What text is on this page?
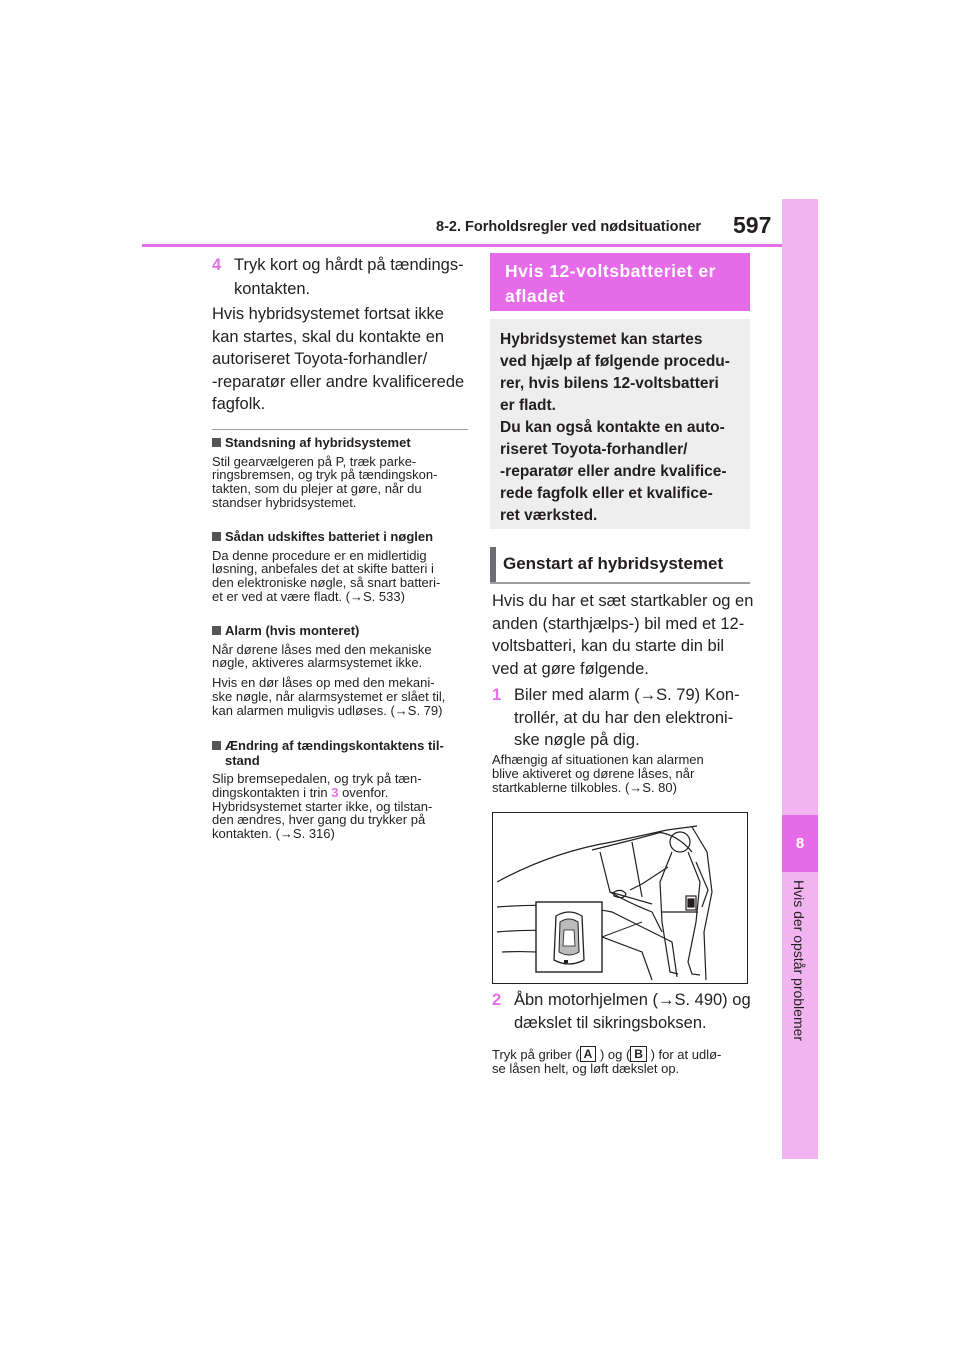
8-2. Forholdsregler ved nødsituationer 597
8
Hvis der opstår problemer
4 Tryk kort og hårdt på tændings-
kontakten.
Hvis hybridsystemet fortsat ikke
kan startes, skal du kontakte en
autoriseret Toyota-forhandler/
-reparatør eller andre kvalificerede
fagfolk.
Standsning af hybridsystemet
Stil gearvælgeren på P, træk parke-
ringsbremsen, og tryk på tændingskon-
takten, som du plejer at gøre, når du
standser hybridsystemet.
Sådan udskiftes batteriet i nøglen
Da denne procedure er en midlertidig
løsning, anbefales det at skifte batteri i
den elektroniske nøgle, så snart batteri-
et er ved at være fladt. (→S. 533)
Alarm (hvis monteret)
Når dørene låses med den mekaniske
nøgle, aktiveres alarmsystemet ikke.
Hvis en dør låses op med den mekani-
ske nøgle, når alarmsystemet er slået til,
kan alarmen muligvis udløses. (→S. 79)
Ændring af tændingskontaktens til-
stand
Slip bremsepedalen, og tryk på tæn-
dingskontakten i trin 3 ovenfor.
Hybridsystemet starter ikke, og tilstan-
den ændres, hver gang du trykker på
kontakten. (→S. 316)
Hvis 12-voltsbatteriet er
afladet
Hybridsystemet kan startes
ved hjælp af følgende procedu-
rer, hvis bilens 12-voltsbatteri
er fladt.
Du kan også kontakte en auto-
riseret Toyota-forhandler/
-reparatør eller andre kvalifice-
rede fagfolk eller et kvalifice-
ret værksted.
Genstart af hybridsystemet
Hvis du har et sæt startkabler og en
anden (starthjælps-) bil med et 12-
voltsbatteri, kan du starte din bil
ved at gøre følgende.
1 Biler med alarm (→S. 79) Kon-
trollér, at du har den elektroni-
ske nøgle på dig.
Afhængig af situationen kan alarmen
blive aktiveret og dørene låses, når
startkablerne tilkobles. (→S. 80)
2 Åbn motorhjelmen (→S. 490) og
dækslet til sikringsboksen.
Tryk på griber ( A ) og ( B ) for at udlø-
se låsen helt, og løft dækslet op.
